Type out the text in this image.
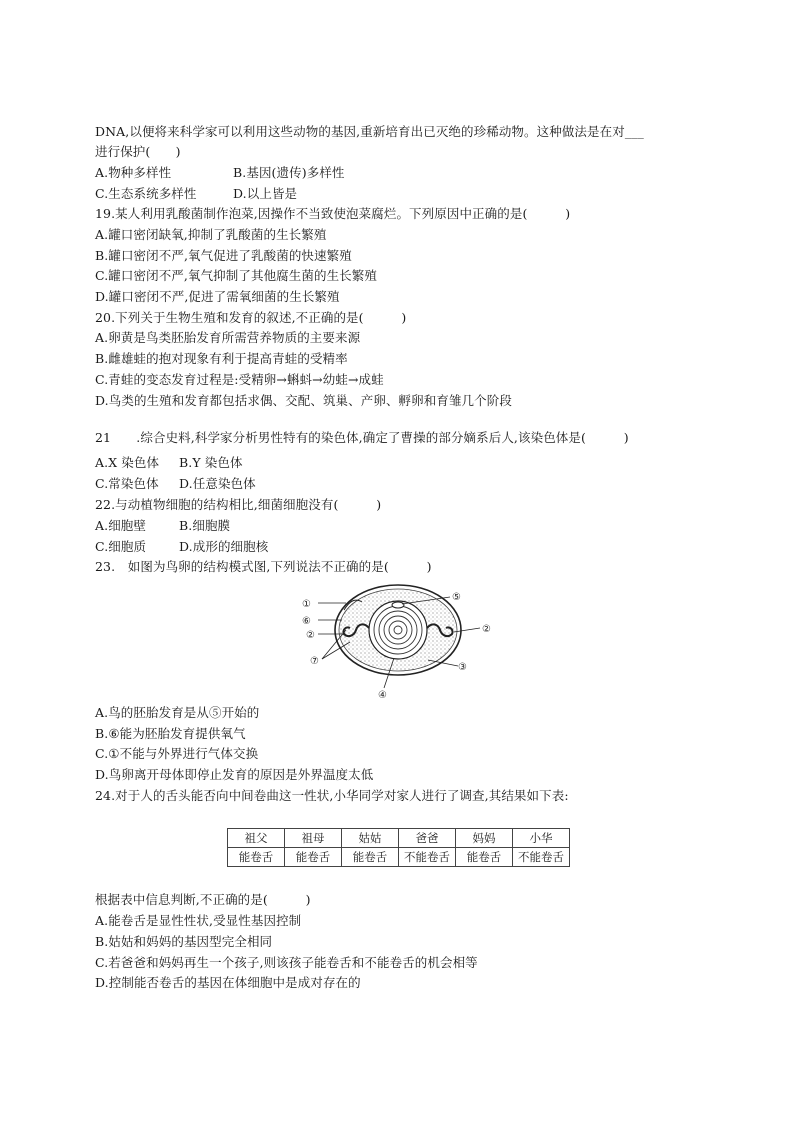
DNA,以便将来科学家可以利用这些动物的基因,重新培育出已灭绝的珍稀动物。这种做法是在对___
进行保护(　　)
A.物种多样性	B.基因(遗传)多样性
C.生态系统多样性	D.以上皆是
19.某人利用乳酸菌制作泡菜,因操作不当致使泡菜腐烂。下列原因中正确的是(　　　)
A.罐口密闭缺氧,抑制了乳酸菌的生长繁殖
B.罐口密闭不严,氧气促进了乳酸菌的快速繁殖
C.罐口密闭不严,氧气抑制了其他腐生菌的生长繁殖
D.罐口密闭不严,促进了需氧细菌的生长繁殖
20.下列关于生物生殖和发育的叙述,不正确的是(　　　)
A.卵黄是鸟类胚胎发育所需营养物质的主要来源
B.雌雄蛙的抱对现象有利于提高青蛙的受精率
C.青蛙的变态发育过程是:受精卵→蝌蚪→幼蛙→成蛙
D.鸟类的生殖和发育都包括求偶、交配、筑巢、产卵、孵卵和育雏几个阶段
21　　.综合史料,科学家分析男性特有的染色体,确定了曹操的部分嫡系后人,该染色体是(　　　)
A.X 染色体 B.Y 染色体
C.常染色体 D.任意染色体
22.与动植物细胞的结构相比,细菌细胞没有(　　　)
A.细胞壁	B.细胞膜
C.细胞质	D.成形的细胞核
23.　如图为鸟卵的结构模式图,下列说法不正确的是(　　　)
①
⑥
②
⑦
⑤
②
③
④
A.鸟的胚胎发育是从⑤开始的
B.⑥能为胚胎发育提供氧气
C.①不能与外界进行气体交换
D.鸟卵离开母体即停止发育的原因是外界温度太低
24.对于人的舌头能否向中间卷曲这一性状,小华同学对家人进行了调查,其结果如下表:
祖父	祖母	姑姑	爸爸	妈妈	小华
能卷舌	能卷舌	能卷舌	不能卷舌	能卷舌	不能卷舌
根据表中信息判断,不正确的是(　　　)
A.能卷舌是显性性状,受显性基因控制
B.姑姑和妈妈的基因型完全相同
C.若爸爸和妈妈再生一个孩子,则该孩子能卷舌和不能卷舌的机会相等
D.控制能否卷舌的基因在体细胞中是成对存在的
